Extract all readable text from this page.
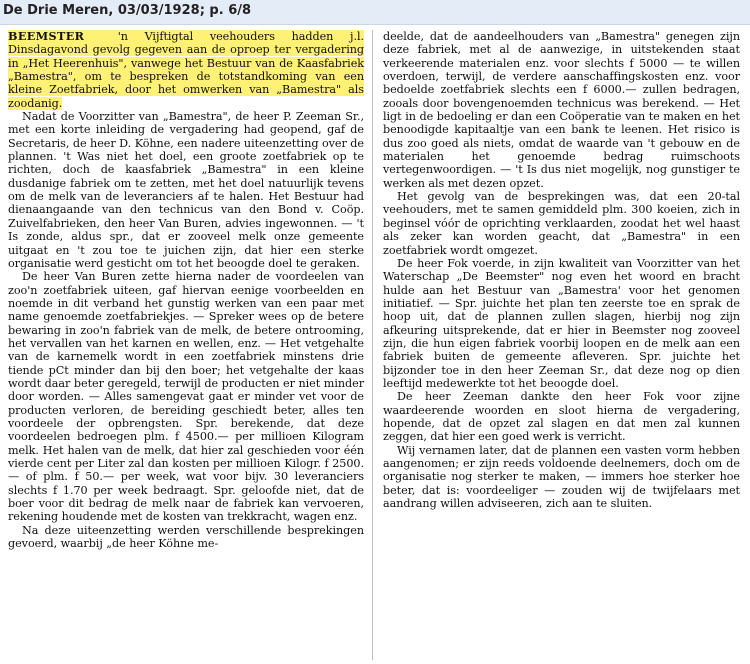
De Drie Meren, 03/03/1928; p. 6/8

BEEMSTER	'n Vijftigtal veehouders hadden j.l. Dinsdagavond gevolg gegeven aan de oproep ter vergadering in „Het Heerenhuis", vanwege het Bestuur van de Kaasfabriek „Bamestra", om te bespreken de totstandkoming van een kleine Zoetfabriek, door het omwerken van „Bamestra" als zoodanig.

Nadat de Voorzitter van „Bamestra", de heer P. Zeeman Sr., met een korte inleiding de vergadering had geopend, gaf de Secretaris, de heer D. Köhne, een nadere uiteenzetting over de plannen. 't Was niet het doel, een groote zoetfabriek op te richten, doch de kaasfabriek „Bamestra" in een kleine dusdanige fabriek om te zetten, met het doel natuurlijk tevens om de melk van de leveranciers af te halen. Het Bestuur had dienaangaande van den technicus van den Bond v. Coöp. Zuivelfabrieken, den heer Van Buren, advies ingewonnen. — 't Is zonde, aldus spr., dat er zooveel melk onze gemeente uitgaat en 't zou toe te juichen zijn, dat hier een sterke organisatie werd gesticht om tot het beoogde doel te geraken.

De heer Van Buren zette hierna nader de voordeelen van zoo'n zoetfabriek uiteen, gaf hiervan eenige voorbeelden en noemde in dit verband het gunstig werken van een paar met name genoemde zoetfabriekjes. — Spreker wees op de betere bewaring in zoo'n fabriek van de melk, de betere ontrooming, het vervallen van het karnen en wellen, enz. — Het vetgehalte van de karnemelk wordt in een zoetfabriek minstens drie tiende pCt minder dan bij den boer; het vetgehalte der kaas wordt daar beter geregeld, terwijl de producten er niet minder door worden. — Alles samengevat gaat er minder vet voor de producten verloren, de bereiding geschiedt beter, alles ten voordeele der opbrengsten. Spr. berekende, dat deze voordeelen bedroegen plm. f 4500.— per millioen Kilogram melk. Het halen van de melk, dat hier zal geschieden voor één vierde cent per Liter zal dan kosten per millioen Kilogr. f 2500.— of plm. f 50.— per week, wat voor bijv. 30 leveranciers slechts f 1.70 per week bedraagt. Spr. geloofde niet, dat de boer voor dit bedrag de melk naar de fabriek kan vervoeren, rekening houdende met de kosten van trekkracht, wagen enz.

Na deze uiteenzetting werden verschillende besprekingen gevoerd, waarbij „de heer Köhne me-

deelde, dat de aandeelhouders van „Bamestra" genegen zijn deze fabriek, met al de aanwezige, in uitstekenden staat verkeerende materialen enz. voor slechts f 5000 — te willen overdoen, terwijl, de verdere aanschaffingskosten enz. voor bedoelde zoetfabriek slechts een f 6000.— zullen bedragen, zooals door bovengenoemden technicus was berekend. — Het ligt in de bedoeling er dan een Coöperatie van te maken en het benoodigde kapitaaltje van een bank te leenen. Het risico is dus zoo goed als niets, omdat de waarde van 't gebouw en de materialen het genoemde bedrag ruimschoots vertegenwoordigen. — 't Is dus niet mogelijk, nog gunstiger te werken als met dezen opzet.

Het gevolg van de besprekingen was, dat een 20-tal veehouders, met te samen gemiddeld plm. 300 koeien, zich in beginsel vóór de oprichting verklaarden, zoodat het wel haast als zeker kan worden geacht, dat „Bamestra" in een zoetfabriek wordt omgezet.

De heer Fok voerde, in zijn kwaliteit van Voorzitter van het Waterschap „De Beemster" nog even het woord en bracht hulde aan het Bestuur van „Bamestra' voor het genomen initiatief. — Spr. juichte het plan ten zeerste toe en sprak de hoop uit, dat de plannen zullen slagen, hierbij nog zijn afkeuring uitsprekende, dat er hier in Beemster nog zooveel zijn, die hun eigen fabriek voorbij loopen en de melk aan een fabriek buiten de gemeente afleveren. Spr. juichte het bijzonder toe in den heer Zeeman Sr., dat deze nog op dien leeftijd medewerkte tot het beoogde doel.

De heer Zeeman dankte den heer Fok voor zijne waardeerende woorden en sloot hierna de vergadering, hopende, dat de opzet zal slagen en dat men zal kunnen zeggen, dat hier een goed werk is verricht.

Wij vernamen later, dat de plannen een vasten vorm hebben aangenomen; er zijn reeds voldoende deelnemers, doch om de organisatie nog sterker te maken, — immers hoe sterker hoe beter, dat is: voordeeliger — zouden wij de twijfelaars met aandrang willen adviseeren, zich aan te sluiten.
